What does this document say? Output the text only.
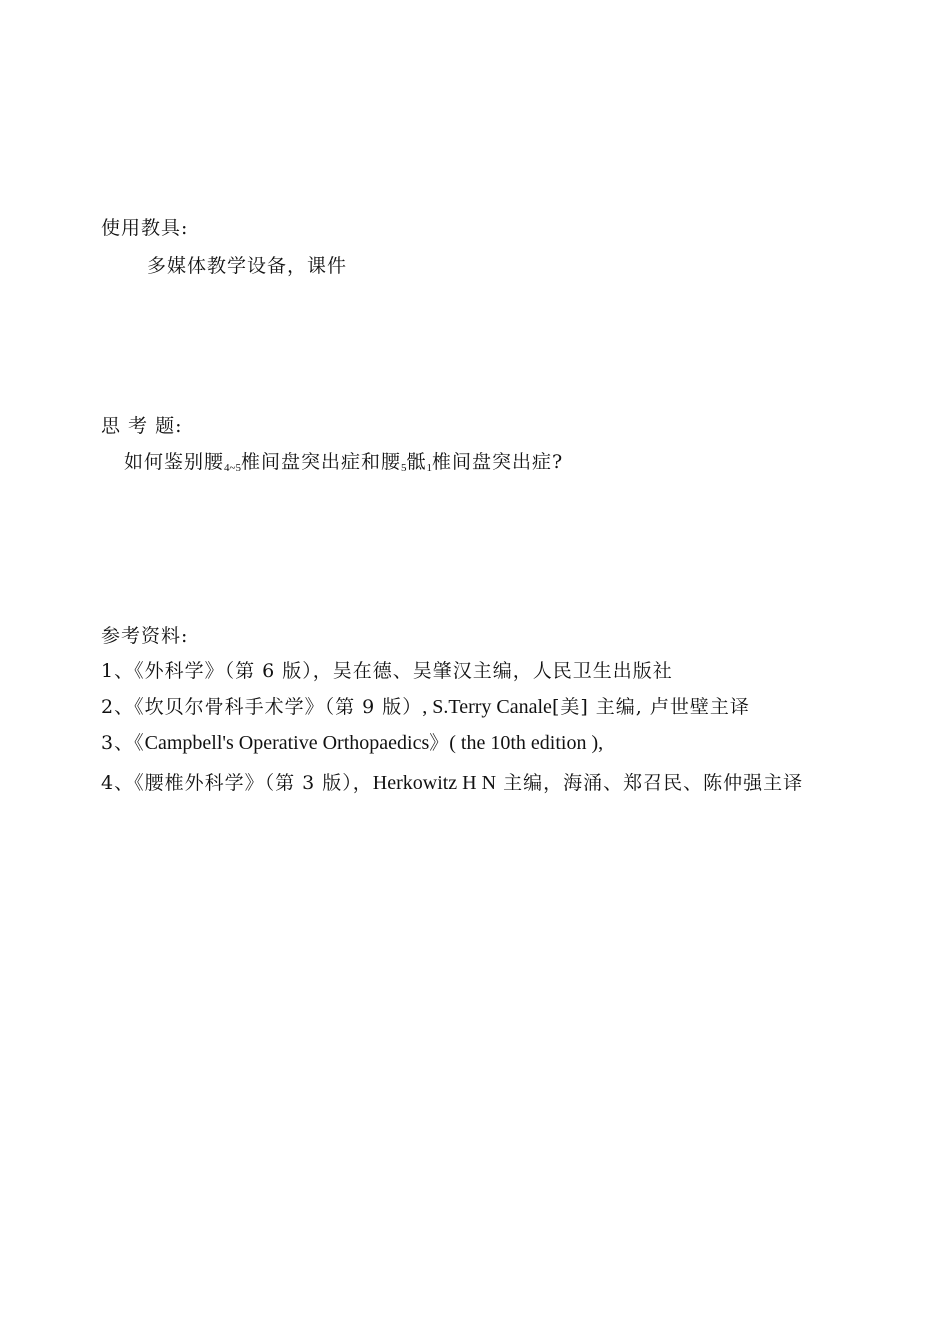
使用教具:
多媒体教学设备，课件
思 考 题:
如何鉴别腰$_{4\sim 5}$椎间盘突出症和腰$_5$骶$_1$椎间盘突出症?
参考资料:
1、《外科学》（第 6 版），吴在德、吴肇汉主编，人民卫生出版社
2、《坎贝尔骨科手术学》（第 9 版）, S.Terry Canale[美] 主编, 卢世壁主译
3、《Campbell's Operative Orthopaedics》( the 10th edition ),
4、《腰椎外科学》（第 3 版），Herkowitz H N 主编，海涌、郑召民、陈仲强主译
